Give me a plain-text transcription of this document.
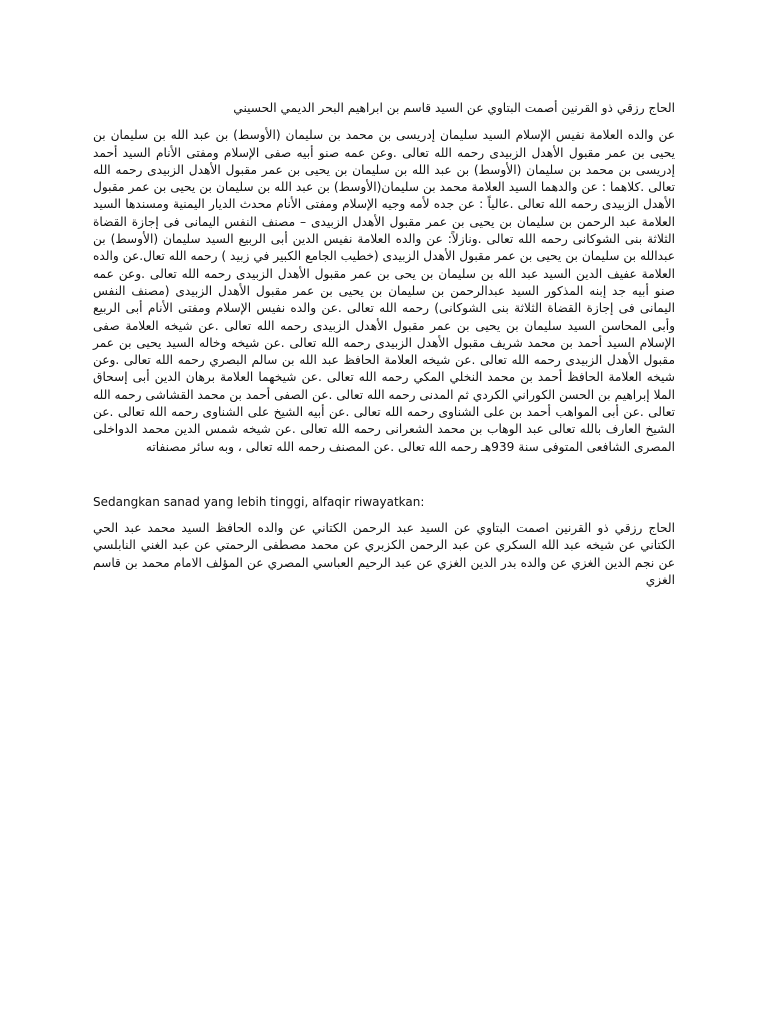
الحاج رزقي ذو القرنين أصمت البتاوي عن السيد قاسم بن ابراهيم البحر الديمي الحسيني

عن والده العلامة نفيس الإسلام السيد سليمان إدريسى بن محمد بن سليمان (الأوسط) بن عبد الله بن سليمان بن يحيى بن عمر مقبول الأهدل الزبيدى رحمه الله تعالى .وعن عمه صنو أبيه صفى الإسلام ومفتى الأنام السيد أحمد إدريسى بن محمد بن سليمان (الأوسط) بن عبد الله بن سليمان بن يحيى بن عمر مقبول الأهدل الزبيدى رحمه الله تعالى .كلاهما : عن والدهما السيد العلامة محمد بن سليمان(الأوسط) بن عبد الله بن سليمان بن يحيى بن عمر مقبول الأهدل الزبيدى رحمه الله تعالى .عالياً : عن جده لأمه وجيه الإسلام ومفتى الأنام محدث الديار اليمنية ومسندها السيد العلامة عبد الرحمن بن سليمان بن يحيى بن عمر مقبول الأهدل الزبيدى – مصنف النفس اليمانى فى إجازة القضاة الثلاثة بنى الشوكانى رحمه الله تعالى .ونازلاً: عن والده العلامة نفيس الدين أبى الربيع السيد سليمان (الأوسط) بن عبدالله بن سليمان بن يحيى بن عمر مقبول الأهدل الزبيدى (خطيب الجامع الكبير في زبيد ) رحمه الله تعال.عن والده العلامة عفيف الدين السيد عبد الله بن سليمان بن يحى بن عمر مقبول الأهدل الزبيدى رحمه الله تعالى .وعن عمه صنو أبيه جد إبنه المذكور السيد عبدالرحمن بن سليمان بن يحيى بن عمر مقبول الأهدل الزبيدى (مصنف النفس اليمانى فى إجازة القضاة الثلاثة بنى الشوكانى) رحمه الله تعالى .عن والده نفيس الإسلام ومفتى الأنام أبى الربيع وأبى المحاسن السيد سليمان بن يحيى بن عمر مقبول الأهدل الزبيدى رحمه الله تعالى .عن شيخه العلامة صفى الإسلام السيد أحمد بن محمد شريف مقبول الأهدل الزبيدى رحمه الله تعالى .عن شيخه وخاله السيد يحيى بن عمر مقبول الأهدل الزبيدى رحمه الله تعالى .عن شيخه العلامة الحافظ عبد الله بن سالم البصري رحمه الله تعالى .وعن شيخه العلامة الحافظ أحمد بن محمد النخلي المكي رحمه الله تعالى .عن شيخهما العلامة برهان الدين أبى إسحاق الملا إبراهيم بن الحسن الكوراني الكردي ثم المدنى رحمه الله تعالى .عن الصفى أحمد بن محمد القشاشى رحمه الله تعالى .عن أبى المواهب أحمد بن على الشناوى رحمه الله تعالى .عن أبيه الشيخ على الشناوى رحمه الله تعالى .عن الشيخ العارف بالله تعالى عبد الوهاب بن محمد الشعرانى رحمه الله تعالى .عن شيخه شمس الدين محمد الدواخلى المصرى الشافعى المتوفى سنة 939هـ رحمه الله تعالى .عن المصنف رحمه الله تعالى ، وبه سائر مصنفاته

Sedangkan sanad yang lebih tinggi, alfaqir riwayatkan:

الحاج رزقي ذو القرنين اصمت البتاوي عن السيد عبد الرحمن الكتاني عن والده الحافظ السيد محمد عبد الحي الكتاني عن شيخه عبد الله السكري عن عبد الرحمن الكزبري عن محمد مصطفى الرحمتي عن عبد الغني النابلسي عن نجم الدين الغزي عن والده بدر الدين الغزي عن عبد الرحيم العباسي المصري عن المؤلف الامام محمد بن قاسم الغزي
